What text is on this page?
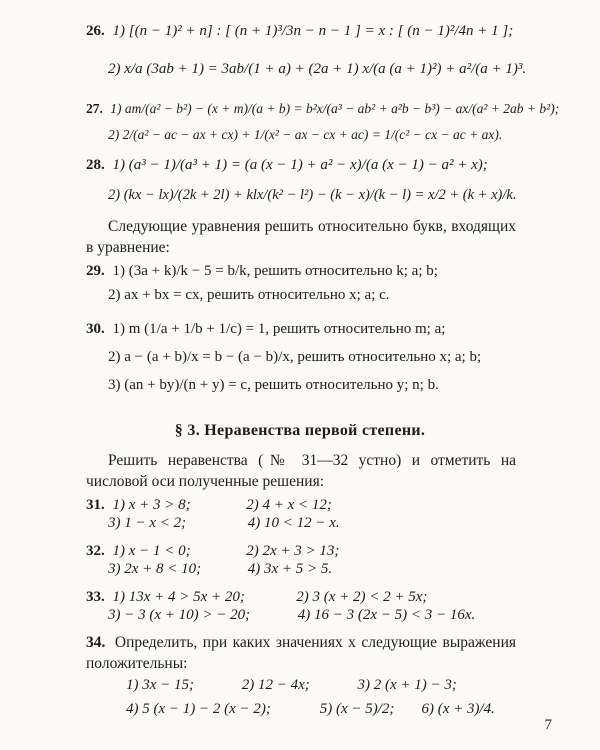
26. 1) [(n − 1)² + n] : [ (n + 1)³/3n − n − 1 ] = x : [ (n − 1)²/4n + 1 ];
2) x/a (3ab + 1) = 3ab/(1 + a) + (2a + 1) x/(a (a + 1)²) + a²/(a + 1)³.
27. 1) am/(a² − b²) − (x + m)/(a + b) = b²x/(a³ − ab² + a²b − b³) − ax/(a² + 2ab + b²);
2) 2/(a² − ac − ax + cx) + 1/(x² − ax − cx + ac) = 1/(c² − cx − ac + ax).
28. 1) (a³ − 1)/(a³ + 1) = (a (x − 1) + a² − x)/(a (x − 1) − a² + x);
2) (kx − lx)/(2k + 2l) + klx/(k² − l²) − (k − x)/(k − l) = x/2 + (k + x)/k.
Следующие уравнения решить относительно букв, входящих в уравнение:
29. 1) (3a + k)/k − 5 = b/k, решить относительно k; a; b;
2) ax + bx = cx, решить относительно x; a; c.
30. 1) m (1/a + 1/b + 1/c) = 1, решить относительно m; a;
2) a − (a + b)/x = b − (a − b)/x, решить относительно x; a; b;
3) (an + by)/(n + y) = c, решить относительно y; n; b.
§ 3. Неравенства первой степени.
Решить неравенства (№ 31—32 устно) и отметить на числовой оси полученные решения:
31. 1) x + 3 > 8;	2) 4 + x < 12;
3) 1 − x < 2;	4) 10 < 12 − x.
32. 1) x − 1 < 0;	2) 2x + 3 > 13;
3) 2x + 8 < 10;	4) 3x + 5 > 5.
33. 1) 13x + 4 > 5x + 20;	2) 3 (x + 2) < 2 + 5x;
3) − 3 (x + 10) > − 20;	4) 16 − 3 (2x − 5) < 3 − 16x.
34. Определить, при каких значениях x следующие выражения положительны:
1) 3x − 15;	2) 12 − 4x;	3) 2 (x + 1) − 3;
4) 5 (x − 1) − 2 (x − 2);	5) (x − 5)/2; 6) (x + 3)/4.
7
